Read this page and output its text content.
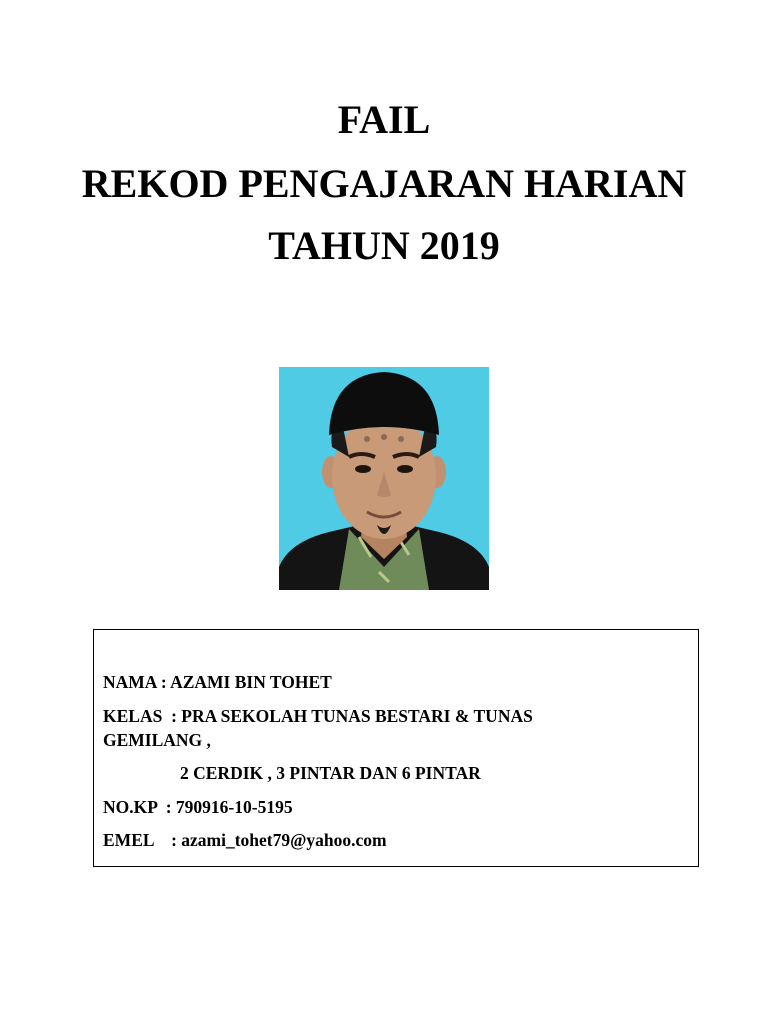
FAIL
REKOD PENGAJARAN HARIAN
TAHUN 2019
NAMA : AZAMI BIN TOHET
KELAS  : PRA SEKOLAH TUNAS BESTARI & TUNAS
GEMILANG ,
2 CERDIK , 3 PINTAR DAN 6 PINTAR
NO.KP  : 790916-10-5195
EMEL    : azami_tohet79@yahoo.com
